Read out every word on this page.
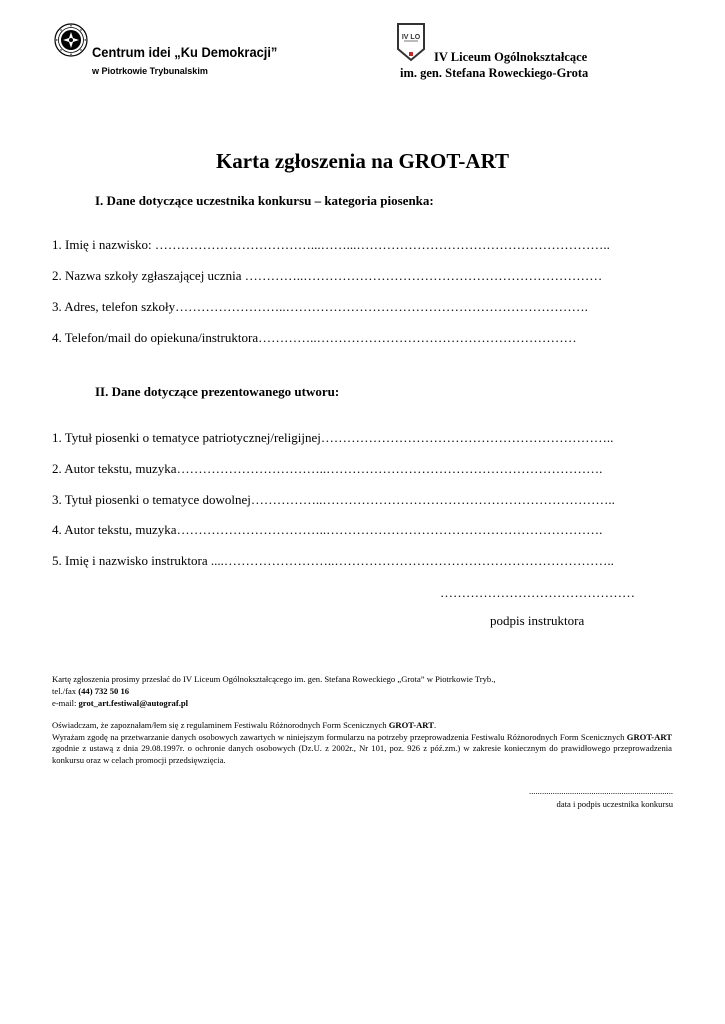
Centrum idei „Ku Demokracji”
w Piotrkowie Trybunalskim
IV LO
IV Liceum Ogólnokształcące
im. gen. Stefana Roweckiego-Grota
Karta zgłoszenia na GROT-ART
I. Dane dotyczące uczestnika konkursu – kategoria piosenka:
1. Imię i nazwisko: ………………………………...……...…………………………………………………..
2. Nazwa szkoły zgłaszającej ucznia …………..……………………………………………………………
3. Adres, telefon szkoły……………………..…………………………………………………………….
4. Telefon/mail do opiekuna/instruktora…………..……………………………………………………
II. Dane dotyczące prezentowanego utworu:
1. Tytuł piosenki o tematyce patriotycznej/religijnej…………………………………………………………..
2. Autor tekstu, muzyka……………………………..……………………………………………………….
3. Tytuł piosenki o tematyce dowolnej……………..…………………………………………………………..
4. Autor tekstu, muzyka……………………………..……………………………………………………….
5. Imię i nazwisko instruktora ....……………………..………………………………………………………..
………………………………………
podpis instruktora
Kartę zgłoszenia prosimy przesłać do IV Liceum Ogólnokształcącego im. gen. Stefana Roweckiego „Grota” w Piotrkowie Tryb.,
tel./fax (44) 732 50 16
e-mail: grot_art.festiwal@autograf.pl
Oświadczam, że zapoznałam/łem się z regulaminem Festiwalu Różnorodnych Form Scenicznych GROT-ART.
Wyrażam zgodę na przetwarzanie danych osobowych zawartych w niniejszym formularzu na potrzeby przeprowadzenia Festiwalu Różnorodnych Form Scenicznych GROT-ART zgodnie z ustawą z dnia 29.08.1997r. o ochronie danych osobowych (Dz.U. z 2002r., Nr 101, poz. 926 z póź.zm.) w zakresie koniecznym do prawidłowego przeprowadzenia konkursu oraz w celach promocji przedsięwzięcia.
...................................................................
data i podpis uczestnika konkursu
